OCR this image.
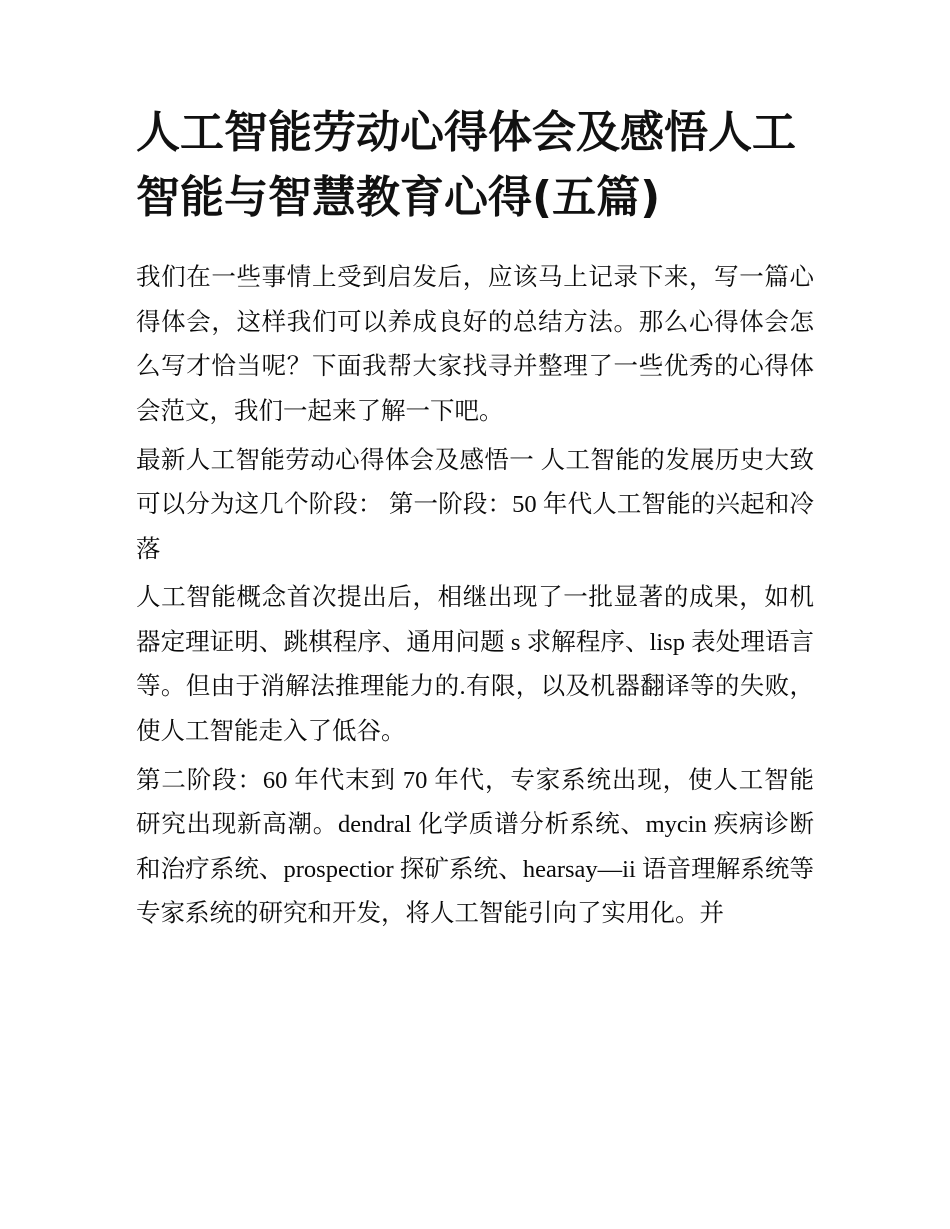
人工智能劳动心得体会及感悟人工智能与智慧教育心得(五篇)

我们在一些事情上受到启发后，应该马上记录下来，写一篇心得体会，这样我们可以养成良好的总结方法。那么心得体会怎么写才恰当呢？下面我帮大家找寻并整理了一些优秀的心得体会范文，我们一起来了解一下吧。

最新人工智能劳动心得体会及感悟一 人工智能的发展历史大致可以分为这几个阶段： 第一阶段：50 年代人工智能的兴起和冷落

人工智能概念首次提出后，相继出现了一批显著的成果，如机器定理证明、跳棋程序、通用问题 s 求解程序、lisp 表处理语言等。但由于消解法推理能力的.有限，以及机器翻译等的失败，使人工智能走入了低谷。

第二阶段：60 年代末到 70 年代，专家系统出现，使人工智能研究出现新高潮。dendral 化学质谱分析系统、mycin 疾病诊断和治疗系统、prospectior 探矿系统、hearsay—ii 语音理解系统等专家系统的研究和开发，将人工智能引向了实用化。并
